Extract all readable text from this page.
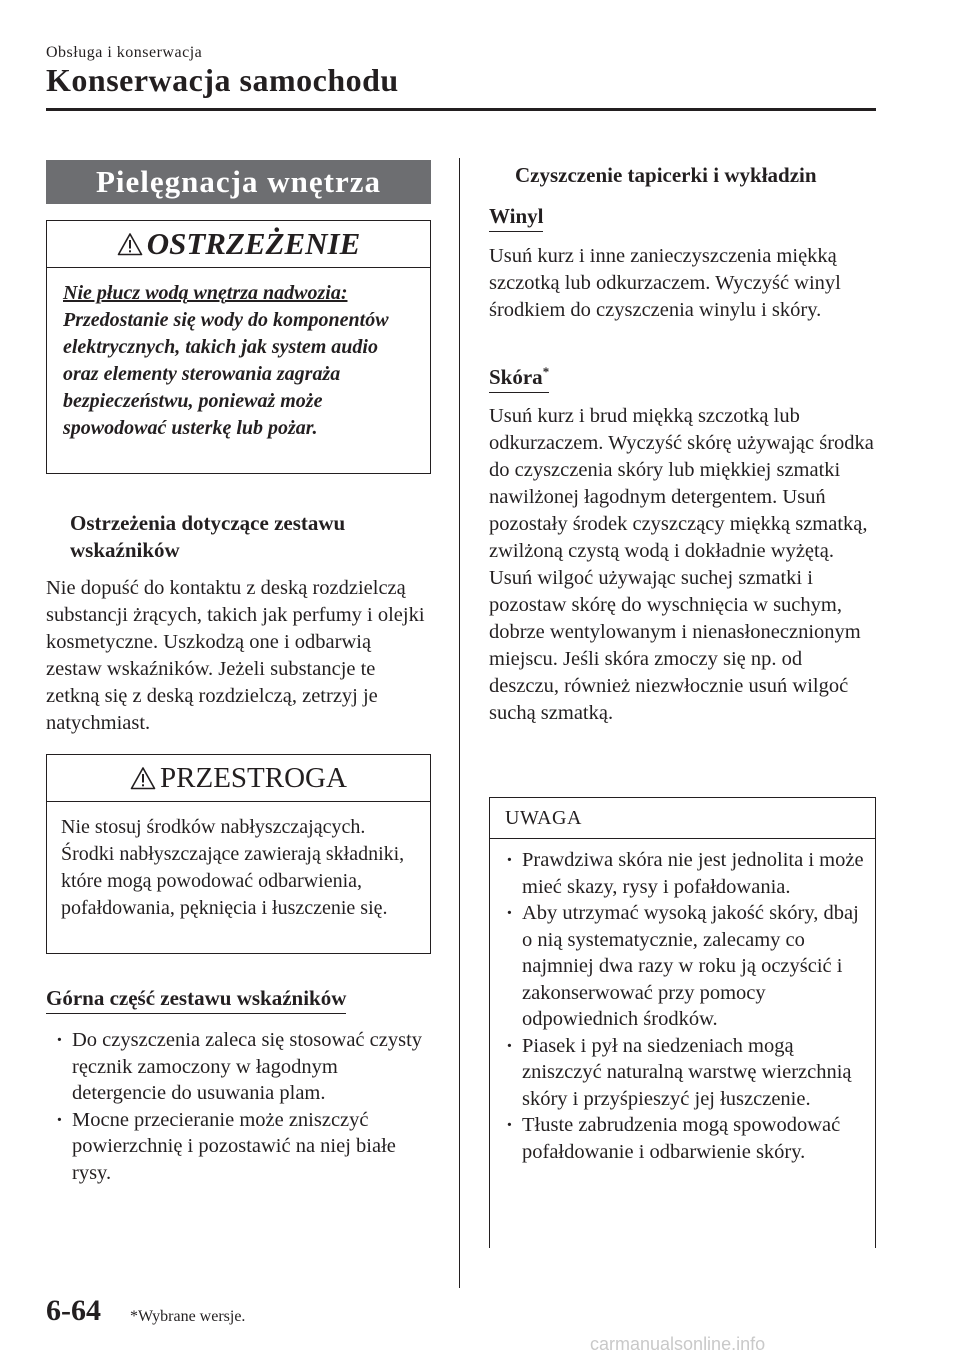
Obsługa i konserwacja
Konserwacja samochodu
Pielęgnacja wnętrza
OSTRZEŻENIE
Nie płucz wodą wnętrza nadwozia:
Przedostanie się wody do komponentów elektrycznych, takich jak system audio oraz elementy sterowania zagraża bezpieczeństwu, ponieważ może spowodować usterkę lub pożar.
Ostrzeżenia dotyczące zestawu
wskaźników
Nie dopuść do kontaktu z deską rozdzielczą substancji żrących, takich jak perfumy i olejki kosmetyczne. Uszkodzą one i odbarwią zestaw wskaźników. Jeżeli substancje te zetkną się z deską rozdzielczą, zetrzyj je natychmiast.
PRZESTROGA
Nie stosuj środków nabłyszczających. Środki nabłyszczające zawierają składniki, które mogą powodować odbarwienia, pofałdowania, pęknięcia i łuszczenie się.
Górna część zestawu wskaźników
· Do czyszczenia zaleca się stosować czysty ręcznik zamoczony w łagodnym detergencie do usuwania plam.
· Mocne przecieranie może zniszczyć powierzchnię i pozostawić na niej białe rysy.
Czyszczenie tapicerki i wykładzin
Winyl
Usuń kurz i inne zanieczyszczenia miękką szczotką lub odkurzaczem. Wyczyść winyl środkiem do czyszczenia winylu i skóry.
Skóra*
Usuń kurz i brud miękką szczotką lub odkurzaczem. Wyczyść skórę używając środka do czyszczenia skóry lub miękkiej szmatki nawilżonej łagodnym detergentem. Usuń pozostały środek czyszczący miękką szmatką, zwilżoną czystą wodą i dokładnie wyżętą. Usuń wilgoć używając suchej szmatki i pozostaw skórę do wyschnięcia w suchym, dobrze wentylowanym i nienasłonecznionym miejscu. Jeśli skóra zmoczy się np. od deszczu, również niezwłocznie usuń wilgoć suchą szmatką.
UWAGA
· Prawdziwa skóra nie jest jednolita i może mieć skazy, rysy i pofałdowania.
· Aby utrzymać wysoką jakość skóry, dbaj o nią systematycznie, zalecamy co najmniej dwa razy w roku ją oczyścić i zakonserwować przy pomocy odpowiednich środków.
· Piasek i pył na siedzeniach mogą zniszczyć naturalną warstwę wierzchnią skóry i przyśpieszyć jej łuszczenie.
· Tłuste zabrudzenia mogą spowodować pofałdowanie i odbarwienie skóry.
6-64 *Wybrane wersje.
carmanualsonline.info
